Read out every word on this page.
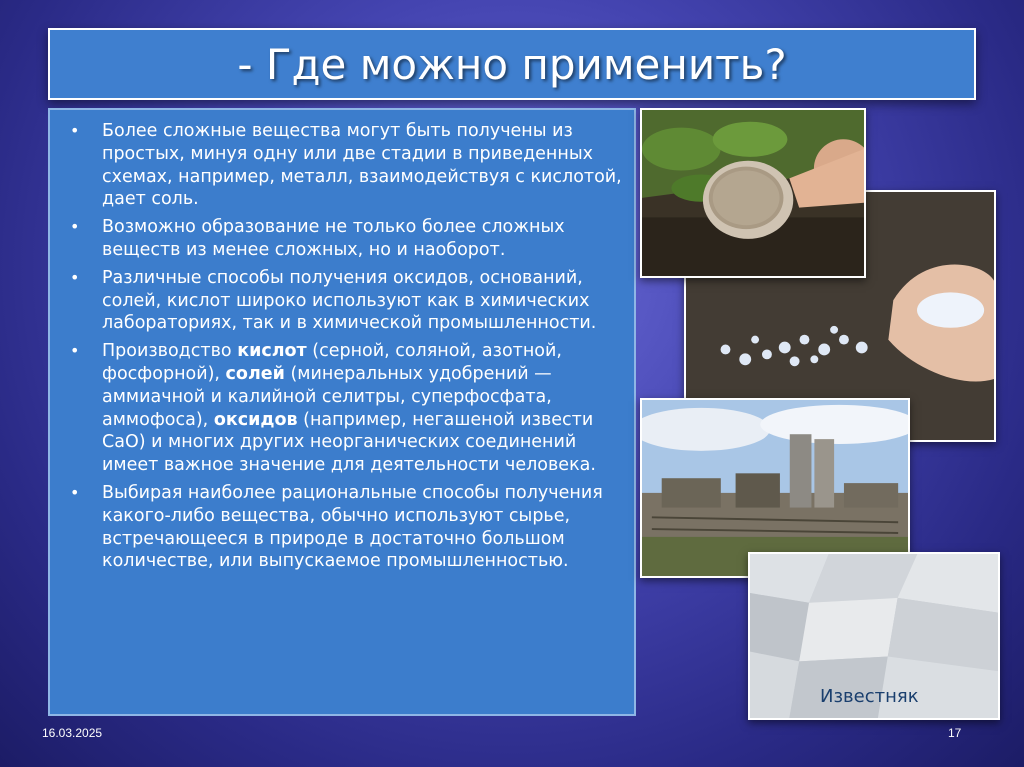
- Где можно применить?
• Более сложные вещества могут быть получены из простых, минуя одну или две стадии в приведенных схемах, например, металл, взаимодействуя с кислотой, дает соль.
• Возможно образование не только более сложных веществ из менее сложных, но и наоборот.
• Различные способы получения оксидов, оснований, солей, кислот широко используют как в химических лабораториях, так и в химической промышленности.
• Производство кислот (серной, соляной, азотной, фосфорной), солей (минеральных удобрений — аммиачной и калийной селитры, суперфосфата, аммофоса), оксидов (например, негашеной извести CaO) и многих других неорганических соединений имеет важное значение для деятельности человека.
• Выбирая наиболее рациональные способы получения какого-либо вещества, обычно используют сырье, встречающееся в природе в достаточно большом количестве, или выпускаемое промышленностью.
Известняк
16.03.2025	17
